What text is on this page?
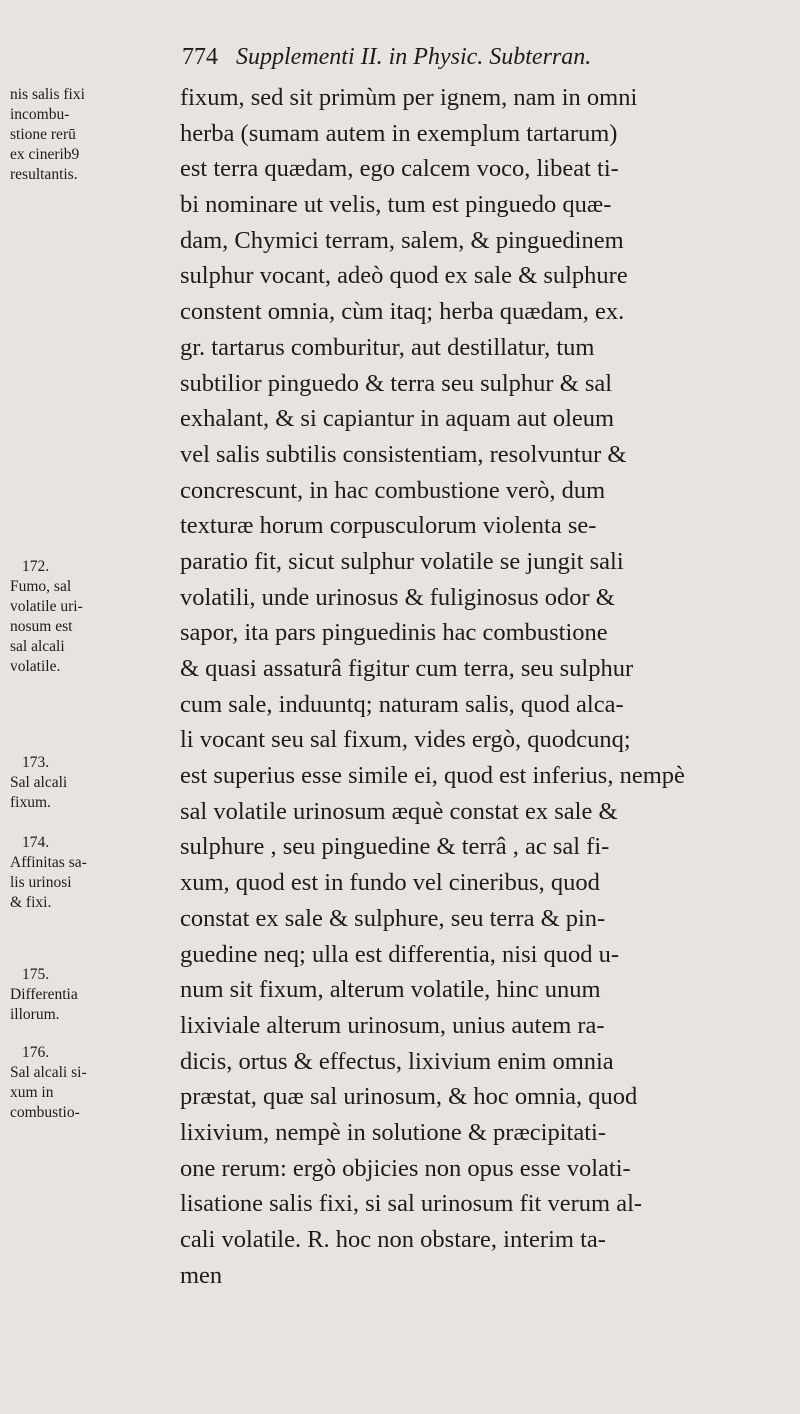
774 Supplementi II. in Physic. Subterran.
fixum, sed sit primùm per ignem, nam in omni
herba (sumam autem in exemplum tartarum)
est terra quædam, ego calcem voco, libeat ti-
bi nominare ut velis, tum est pinguedo quæ-
dam, Chymici terram, salem, & pinguedinem
sulphur vocant, adeò quod ex sale & sulphure
constent omnia, cùm itaq; herba quædam, ex.
gr. tartarus comburitur, aut destillatur, tum
subtilior pinguedo & terra seu sulphur & sal
exhalant, & si capiantur in aquam aut oleum
vel salis subtilis consistentiam, resolvuntur &
concrescunt, in hac combustione verò, dum
texturæ horum corpusculorum violenta se-
paratio fit, sicut sulphur volatile se jungit sali
volatili, unde urinosus & fuliginosus odor &
sapor, ita pars pinguedinis hac combustione
& quasi assaturâ figitur cum terra, seu sulphur
cum sale, induuntq; naturam salis, quod alca-
li vocant seu sal fixum, vides ergò, quodcunq;
est superius esse simile ei, quod est inferius, nempè
sal volatile urinosum æquè constat ex sale &
sulphure , seu pinguedine & terrâ , ac sal fi-
xum, quod est in fundo vel cineribus, quod
constat ex sale & sulphure, seu terra & pin-
guedine neq; ulla est differentia, nisi quod u-
num sit fixum, alterum volatile, hinc unum
lixiviale alterum urinosum, unius autem ra-
dicis, ortus & effectus, lixivium enim omnia
præstat, quæ sal urinosum, & hoc omnia, quod
lixivium, nempè in solutione & præcipitati-
one rerum: ergò objicies non opus esse volati-
lisatione salis fixi, si sal urinosum fit verum al-
cali volatile. R. hoc non obstare, interim ta-
men
nis salis fixi
incombu-
stione rerū
ex cinerib9
resultantis.
172.
Fumo, sal
volatile uri-
nosum est
sal alcali
volatile.
173.
Sal alcali
fixum.
174.
Affinitas sa-
lis urinosi
& fixi.
175.
Differentia
illorum.
176.
Sal alcali si-
xum in
combustio-
